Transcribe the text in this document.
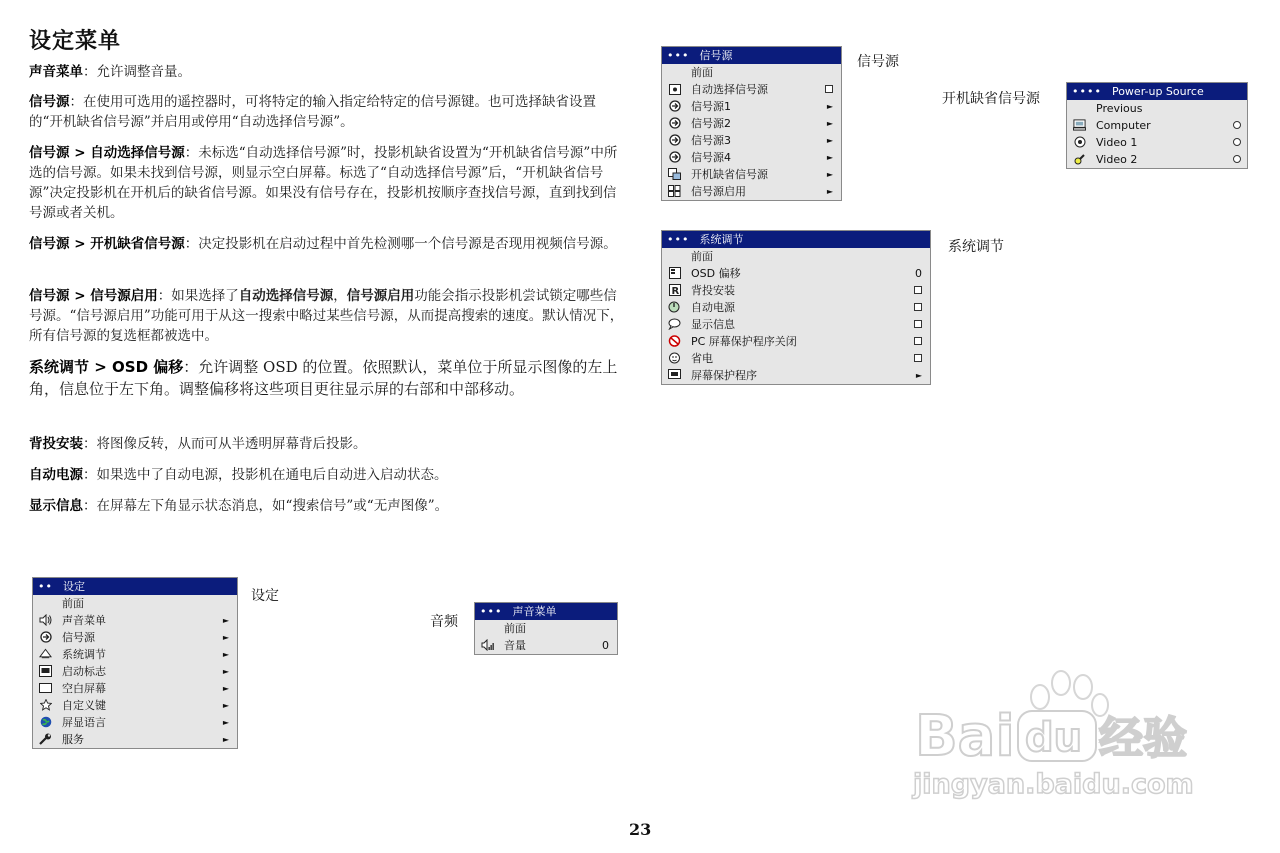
设定菜单
声音菜单：允许调整音量。
信号源：在使用可选用的遥控器时，可将特定的输入指定给特定的信号源键。也可选择缺省设置的“开机缺省信号源”并启用或停用“自动选择信号源”。
信号源 > 自动选择信号源：未标选“自动选择信号源”时，投影机缺省设置为“开机缺省信号源”中所选的信号源。如果未找到信号源，则显示空白屏幕。标选了“自动选择信号源”后，“开机缺省信号源”决定投影机在开机后的缺省信号源。如果没有信号存在，投影机按顺序查找信号源，直到找到信号源或者关机。
信号源 > 开机缺省信号源：决定投影机在启动过程中首先检测哪一个信号源是否现用视频信号源。
信号源 > 信号源启用：如果选择了自动选择信号源，信号源启用功能会指示投影机尝试锁定哪些信号源。“信号源启用”功能可用于从这一搜索中略过某些信号源，从而提高搜索的速度。默认情况下，所有信号源的复选框都被选中。
系统调节 > OSD 偏移：允许调整 OSD 的位置。依照默认，菜单位于所显示图像的左上角，信息位于左下角。调整偏移将这些项目更往显示屏的右部和中部移动。
背投安装：将图像反转，从而可从半透明屏幕背后投影。
自动电源：如果选中了自动电源，投影机在通电后自动进入启动状态。
显示信息：在屏幕左下角显示状态消息，如“搜索信号”或“无声图像”。
••• 信号源
前面
自动选择信号源
信号源1	►
信号源2	►
信号源3	►
信号源4	►
开机缺省信号源	►
信号源启用	►
信号源
开机缺省信号源	•••• Power-up Source
Previous
Computer
Video 1
Video 2
••• 系统调节
前面
OSD 偏移	0
R 背投安装
自动电源
显示信息
PC 屏幕保护程序关闭
省电
屏幕保护程序	►
系统调节
•• 设定
前面
声音菜单	►
信号源	►
系统调节	►
启动标志	►
空白屏幕	►
自定义键	►
屏显语言	►
服务	►
设定
音频
••• 声音菜单
前面
音量	0
23
Bai du 经验
jingyan.baidu.com
